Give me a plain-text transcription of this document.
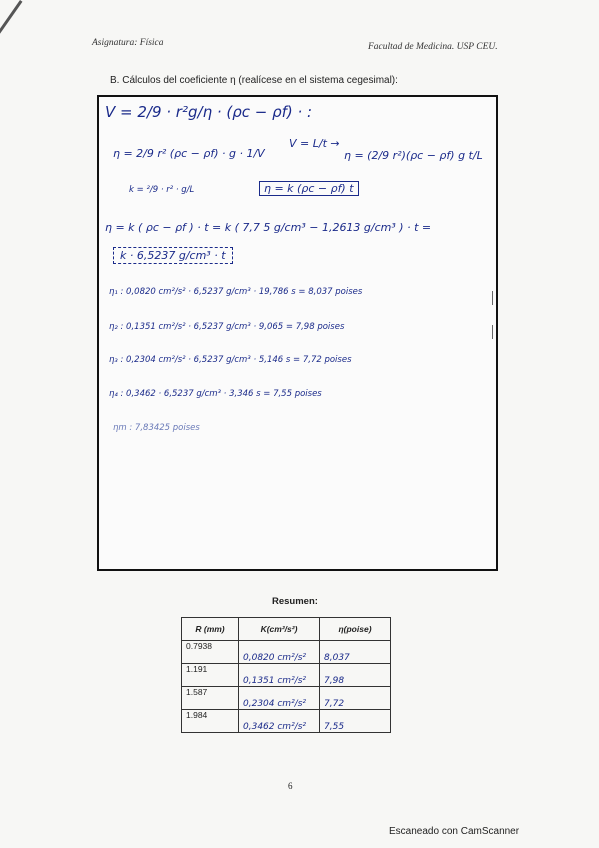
Asignatura: Física	Facultad de Medicina. USP CEU.
B. Cálculos del coeficiente η (realícese en el sistema cegesimal):
V = 2/9 · r²g/η · (ρc − ρf) · :
η = 2/9 r² (ρc − ρf) · g · 1/V
V = L/t →
η = (2/9 r²)(ρc − ρf) g t/L
k = ²/9 · r² · g/L	η = k (ρc − ρf) t
η = k ( ρc − ρf ) · t = k ( 7,7 5 g/cm³ − 1,2613 g/cm³ ) · t =
k · 6,5237 g/cm³ · t
η₁ : 0,0820 cm²/s² · 6,5237 g/cm³ · 19,786 s = 8,037 poises
η₂ : 0,1351 cm²/s² · 6,5237 g/cm³ · 9,065 = 7,98 poises
η₃ : 0,2304 cm²/s² · 6,5237 g/cm³ · 5,146 s = 7,72 poises
η₄ : 0,3462 · 6,5237 g/cm³ · 3,346 s = 7,55 poises
ηm : 7,83425 poises
Resumen:
R (mm)	K(cm²/s²)	η(poise)
0.7938	0,0820 cm²/s²	8,037
1.191	0,1351 cm²/s²	7,98
1.587	0,2304 cm²/s²	7,72
1.984	0,3462 cm²/s²	7,55
6
Escaneado con CamScanner
